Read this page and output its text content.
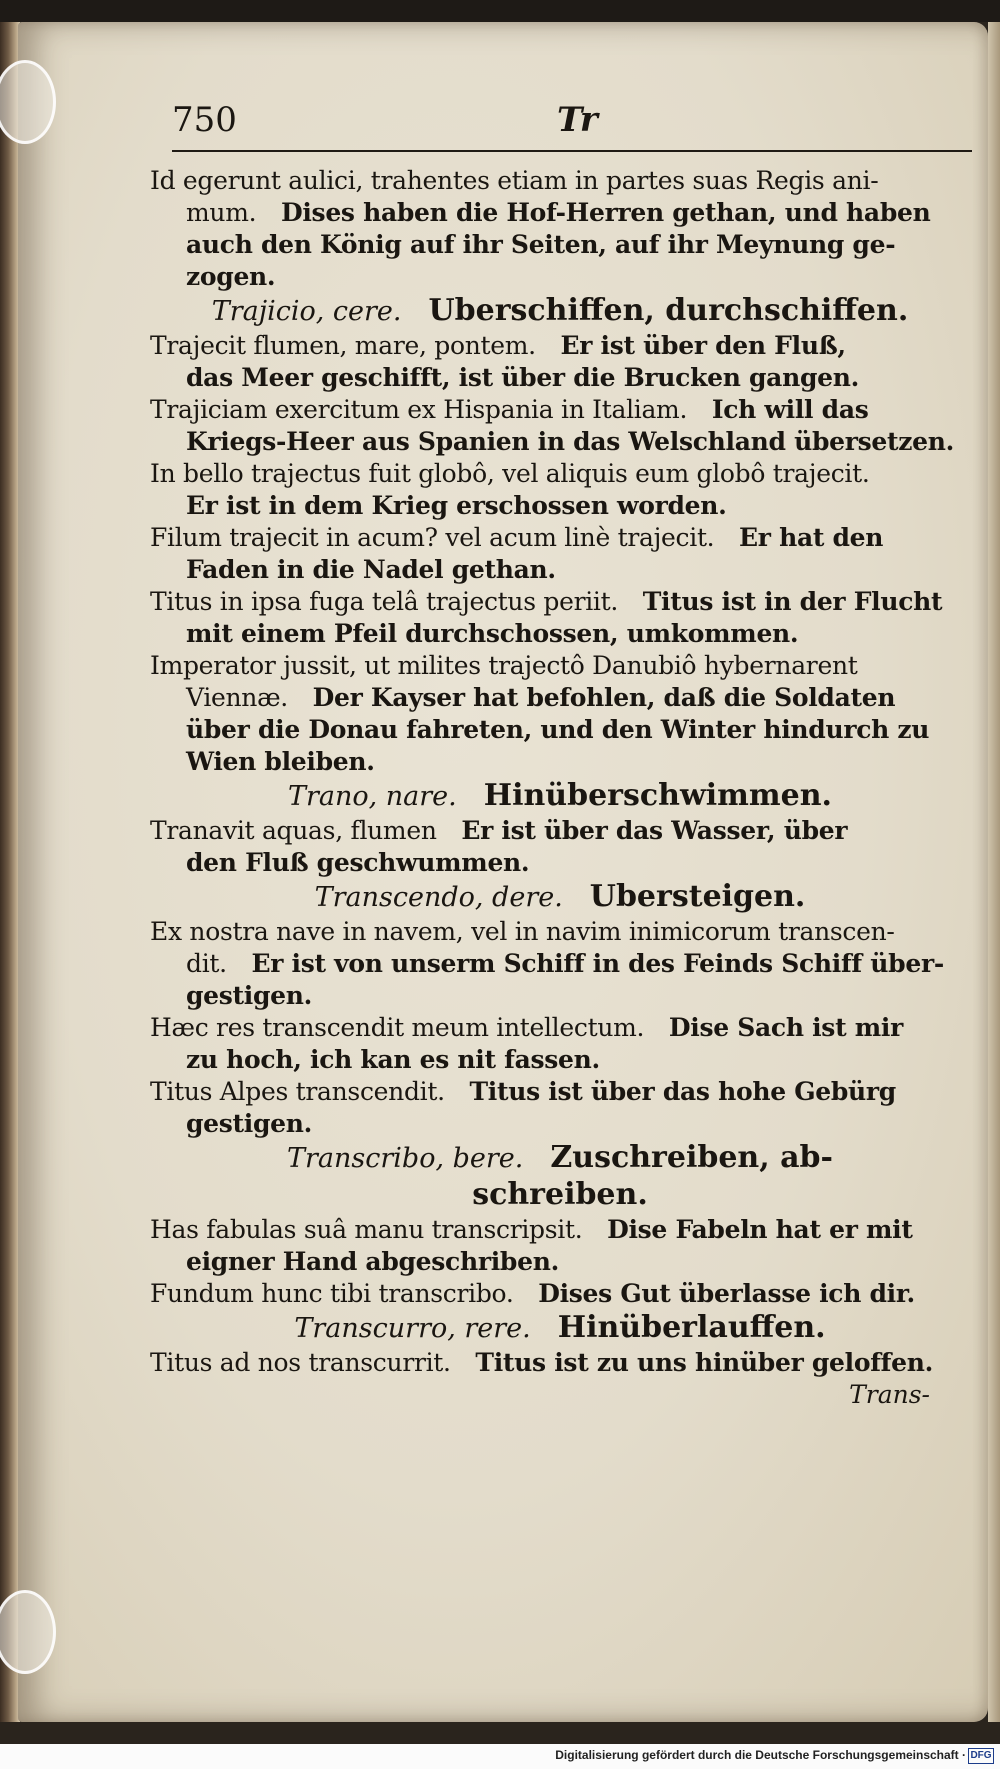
750	Tr
Id egerunt aulici, trahentes etiam in partes suas Regis ani-
mum.  Dises haben die Hof-Herren gethan, und haben
auch den König auf ihr Seiten, auf ihr Meynung ge-
zogen.
Trajicio, cere.  Uberschiffen, durchschiffen.
Trajecit flumen, mare, pontem.  Er ist über den Fluß,
das Meer geschifft, ist über die Brucken gangen.
Trajiciam exercitum ex Hispania in Italiam.  Ich will das
Kriegs-Heer aus Spanien in das Welschland übersetzen.
In bello trajectus fuit globô, vel aliquis eum globô trajecit.
Er ist in dem Krieg erschossen worden.
Filum trajecit in acum? vel acum linè trajecit.  Er hat den
Faden in die Nadel gethan.
Titus in ipsa fuga telâ trajectus periit.  Titus ist in der Flucht
mit einem Pfeil durchschossen, umkommen.
Imperator jussit, ut milites trajectô Danubiô hybernarent
Viennæ.  Der Kayser hat befohlen, daß die Soldaten
über die Donau fahreten, und den Winter hindurch zu
Wien bleiben.
Trano, nare.  Hinüberschwimmen.
Tranavit aquas, flumen  Er ist über das Wasser, über
den Fluß geschwummen.
Transcendo, dere.  Ubersteigen.
Ex nostra nave in navem, vel in navim inimicorum transcen-
dit.  Er ist von unserm Schiff in des Feinds Schiff über-
gestigen.
Hæc res transcendit meum intellectum.  Dise Sach ist mir
zu hoch, ich kan es nit fassen.
Titus Alpes transcendit.  Titus ist über das hohe Gebürg
gestigen.
Transcribo, bere.  Zuschreiben, ab-
schreiben.
Has fabulas suâ manu transcripsit.  Dise Fabeln hat er mit
eigner Hand abgeschriben.
Fundum hunc tibi transcribo.  Dises Gut überlasse ich dir.
Transcurro, rere.  Hinüberlauffen.
Titus ad nos transcurrit.  Titus ist zu uns hinüber geloffen.
Trans-
Digitalisierung gefördert durch die Deutsche Forschungsgemeinschaft · DFG
